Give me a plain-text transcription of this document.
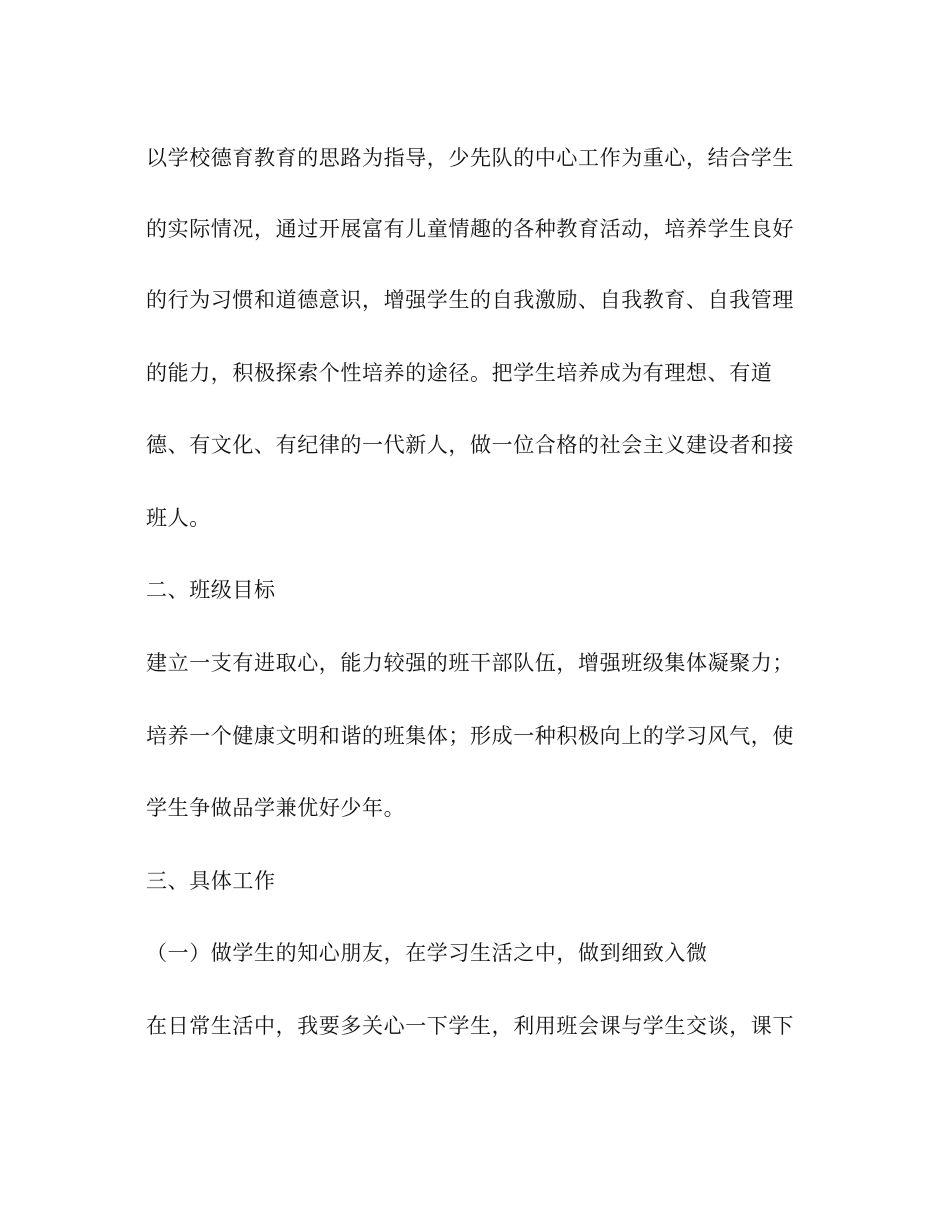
以学校德育教育的思路为指导，少先队的中心工作为重心，结合学生

的实际情况，通过开展富有儿童情趣的各种教育活动，培养学生良好

的行为习惯和道德意识，增强学生的自我激励、自我教育、自我管理

的能力，积极探索个性培养的途径。把学生培养成为有理想、有道

德、有文化、有纪律的一代新人，做一位合格的社会主义建设者和接

班人。

二、班级目标

建立一支有进取心，能力较强的班干部队伍，增强班级集体凝聚力；

培养一个健康文明和谐的班集体；形成一种积极向上的学习风气，使

学生争做品学兼优好少年。

三、具体工作

（一）做学生的知心朋友，在学习生活之中，做到细致入微

在日常生活中，我要多关心一下学生，利用班会课与学生交谈，课下
